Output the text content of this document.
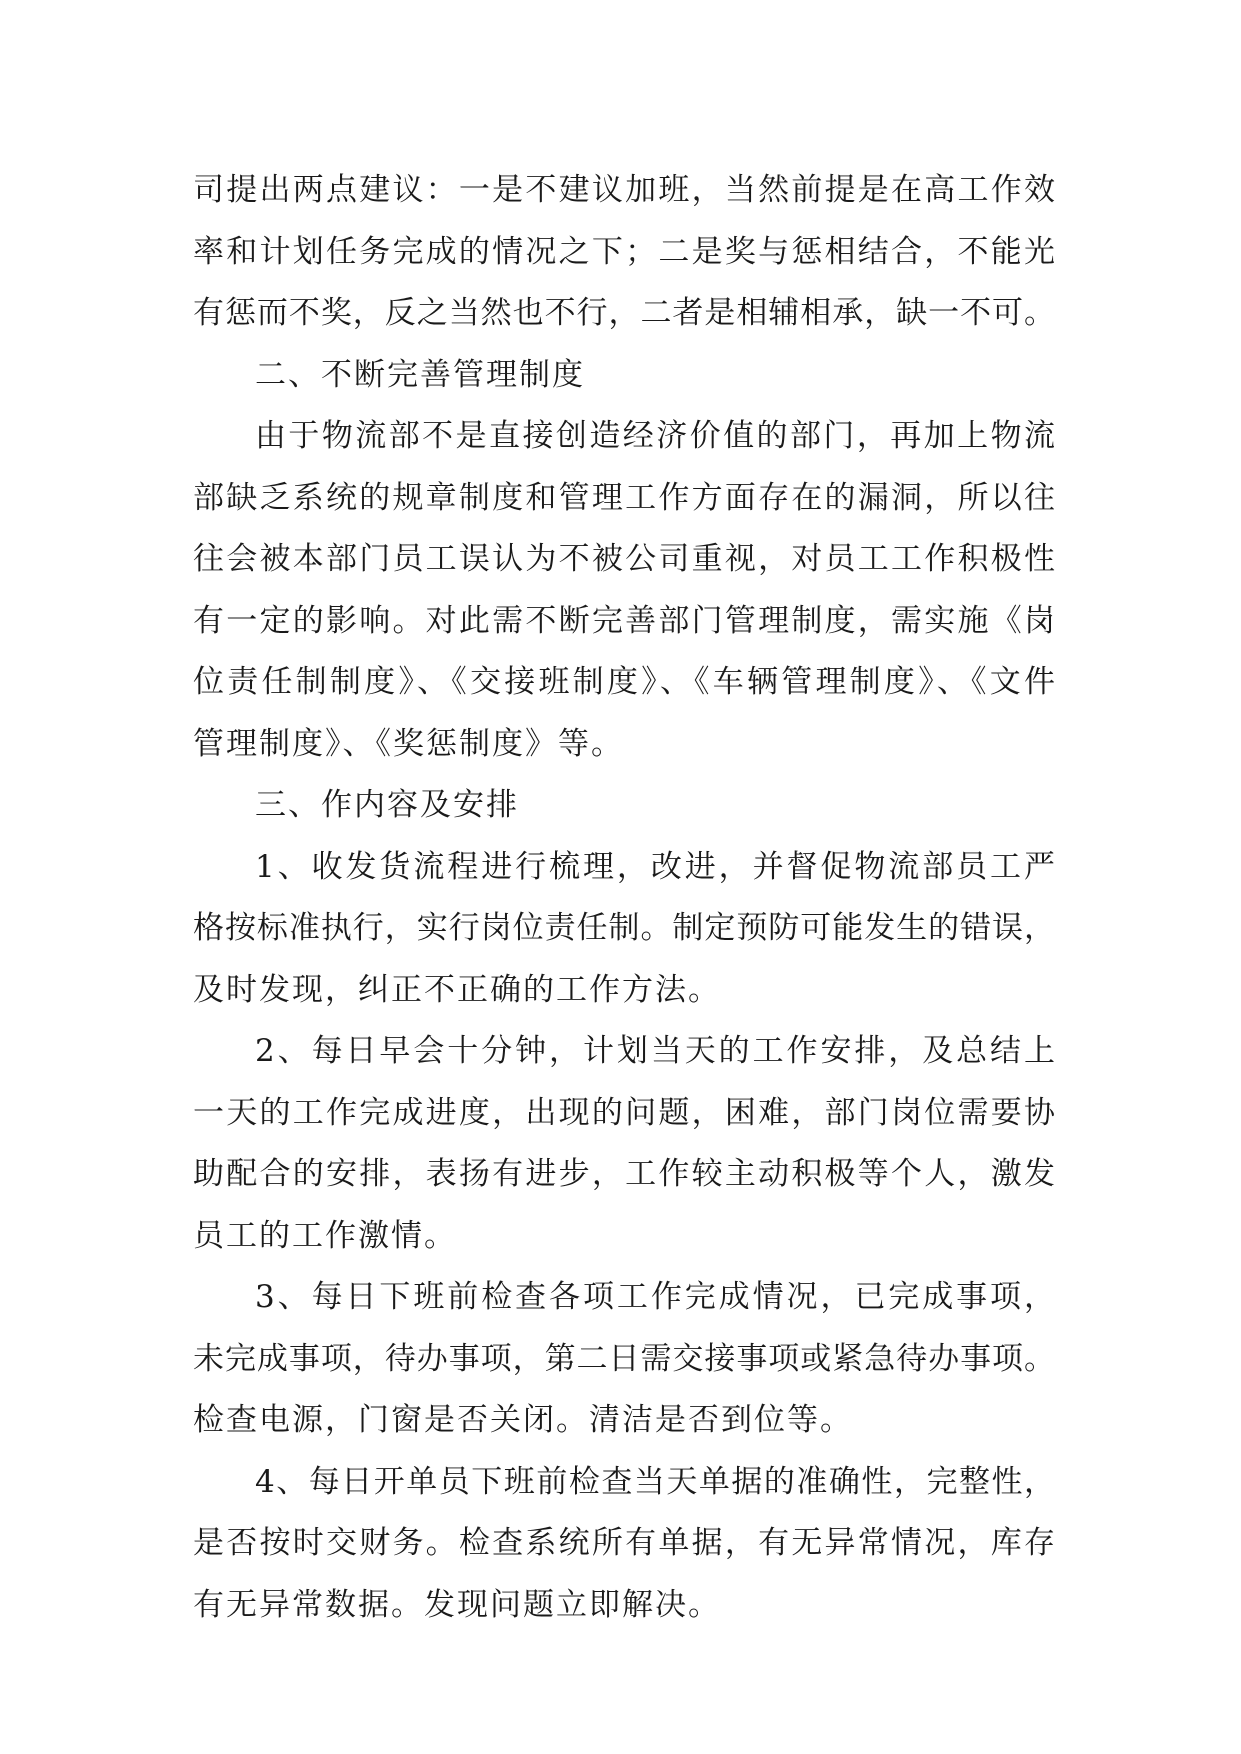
司提出两点建议：一是不建议加班，当然前提是在高工作效
率和计划任务完成的情况之下；二是奖与惩相结合，不能光
有惩而不奖，反之当然也不行，二者是相辅相承，缺一不可。
二、不断完善管理制度
由于物流部不是直接创造经济价值的部门，再加上物流
部缺乏系统的规章制度和管理工作方面存在的漏洞，所以往
往会被本部门员工误认为不被公司重视，对员工工作积极性
有一定的影响。对此需不断完善部门管理制度，需实施《岗
位责任制制度》、《交接班制度》、《车辆管理制度》、《文件
管理制度》、《奖惩制度》等。
三、作内容及安排
1、收发货流程进行梳理，改进，并督促物流部员工严
格按标准执行，实行岗位责任制。制定预防可能发生的错误，
及时发现，纠正不正确的工作方法。
2、每日早会十分钟，计划当天的工作安排，及总结上
一天的工作完成进度，出现的问题，困难，部门岗位需要协
助配合的安排，表扬有进步，工作较主动积极等个人，激发
员工的工作激情。
3、每日下班前检查各项工作完成情况，已完成事项，
未完成事项，待办事项，第二日需交接事项或紧急待办事项。
检查电源，门窗是否关闭。清洁是否到位等。
4、每日开单员下班前检查当天单据的准确性，完整性，
是否按时交财务。检查系统所有单据，有无异常情况，库存
有无异常数据。发现问题立即解决。
